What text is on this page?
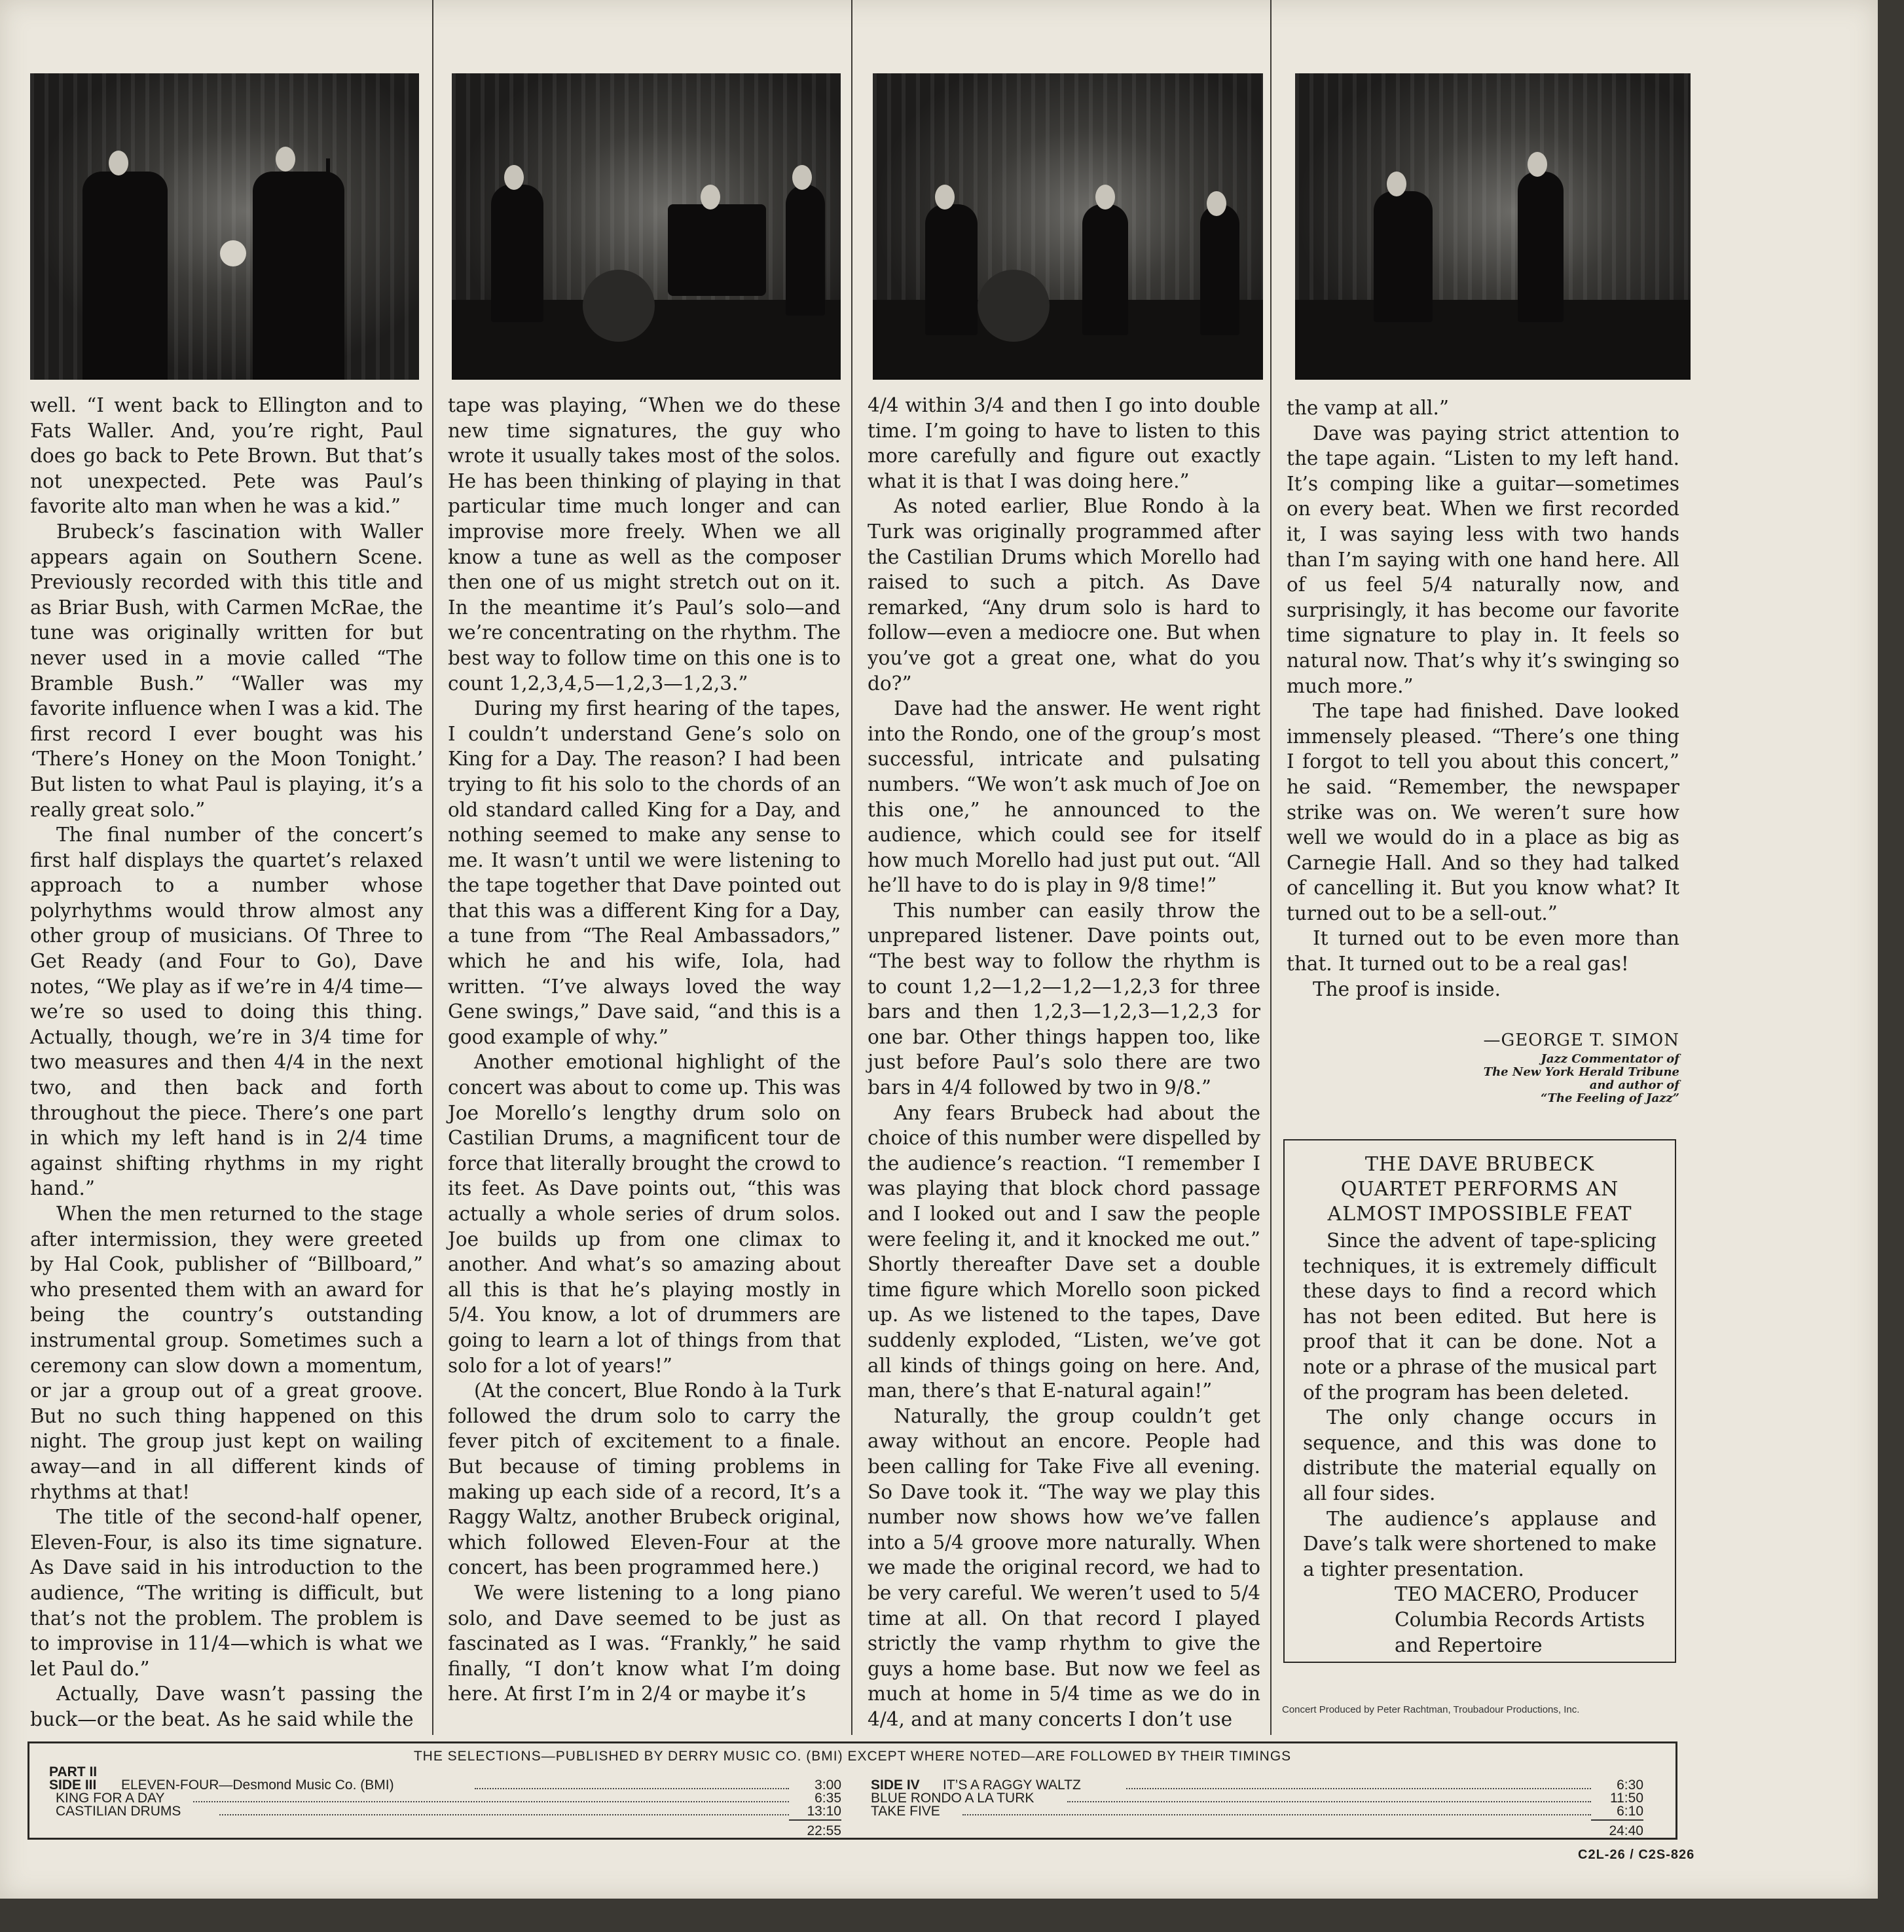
well. “I went back to Ellington and to Fats Waller. And, you’re right, Paul does go back to Pete Brown. But that’s not unexpected. Pete was Paul’s favorite alto man when he was a kid.”

Brubeck’s fascination with Waller appears again on Southern Scene. Previously recorded with this title and as Briar Bush, with Carmen McRae, the tune was originally written for but never used in a movie called “The Bramble Bush.” “Waller was my favorite influence when I was a kid. The first record I ever bought was his ‘There’s Honey on the Moon Tonight.’ But listen to what Paul is playing, it’s a really great solo.”

The final number of the concert’s first half displays the quartet’s relaxed approach to a number whose polyrhythms would throw almost any other group of musicians. Of Three to Get Ready (and Four to Go), Dave notes, “We play as if we’re in 4/4 time—we’re so used to doing this thing. Actually, though, we’re in 3/4 time for two measures and then 4/4 in the next two, and then back and forth throughout the piece. There’s one part in which my left hand is in 2/4 time against shifting rhythms in my right hand.”

When the men returned to the stage after intermission, they were greeted by Hal Cook, publisher of “Billboard,” who presented them with an award for being the country’s outstanding instrumental group. Sometimes such a ceremony can slow down a momentum, or jar a group out of a great groove. But no such thing happened on this night. The group just kept on wailing away—and in all different kinds of rhythms at that!

The title of the second-half opener, Eleven-Four, is also its time signature. As Dave said in his introduction to the audience, “The writing is difficult, but that’s not the problem. The problem is to improvise in 11/4—which is what we let Paul do.”

Actually, Dave wasn’t passing the buck—or the beat. As he said while the

tape was playing, “When we do these new time signatures, the guy who wrote it usually takes most of the solos. He has been thinking of playing in that particular time much longer and can improvise more freely. When we all know a tune as well as the composer then one of us might stretch out on it. In the meantime it’s Paul’s solo—and we’re concentrating on the rhythm. The best way to follow time on this one is to count 1,2,3,4,5—1,2,3—1,2,3.”

During my first hearing of the tapes, I couldn’t understand Gene’s solo on King for a Day. The reason? I had been trying to fit his solo to the chords of an old standard called King for a Day, and nothing seemed to make any sense to me. It wasn’t until we were listening to the tape together that Dave pointed out that this was a different King for a Day, a tune from “The Real Ambassadors,” which he and his wife, Iola, had written. “I’ve always loved the way Gene swings,” Dave said, “and this is a good example of why.”

Another emotional highlight of the concert was about to come up. This was Joe Morello’s lengthy drum solo on Castilian Drums, a magnificent tour de force that literally brought the crowd to its feet. As Dave points out, “this was actually a whole series of drum solos. Joe builds up from one climax to another. And what’s so amazing about all this is that he’s playing mostly in 5/4. You know, a lot of drummers are going to learn a lot of things from that solo for a lot of years!”

(At the concert, Blue Rondo à la Turk followed the drum solo to carry the fever pitch of excitement to a finale. But because of timing problems in making up each side of a record, It’s a Raggy Waltz, another Brubeck original, which followed Eleven-Four at the concert, has been programmed here.)

We were listening to a long piano solo, and Dave seemed to be just as fascinated as I was. “Frankly,” he said finally, “I don’t know what I’m doing here. At first I’m in 2/4 or maybe it’s

4/4 within 3/4 and then I go into double time. I’m going to have to listen to this more carefully and figure out exactly what it is that I was doing here.”

As noted earlier, Blue Rondo à la Turk was originally programmed after the Castilian Drums which Morello had raised to such a pitch. As Dave remarked, “Any drum solo is hard to follow—even a mediocre one. But when you’ve got a great one, what do you do?”

Dave had the answer. He went right into the Rondo, one of the group’s most successful, intricate and pulsating numbers. “We won’t ask much of Joe on this one,” he announced to the audience, which could see for itself how much Morello had just put out. “All he’ll have to do is play in 9/8 time!”

This number can easily throw the unprepared listener. Dave points out, “The best way to follow the rhythm is to count 1,2—1,2—1,2—1,2,3 for three bars and then 1,2,3—1,2,3—1,2,3 for one bar. Other things happen too, like just before Paul’s solo there are two bars in 4/4 followed by two in 9/8.”

Any fears Brubeck had about the choice of this number were dispelled by the audience’s reaction. “I remember I was playing that block chord passage and I looked out and I saw the people were feeling it, and it knocked me out.” Shortly thereafter Dave set a double time figure which Morello soon picked up. As we listened to the tapes, Dave suddenly exploded, “Listen, we’ve got all kinds of things going on here. And, man, there’s that E-natural again!”

Naturally, the group couldn’t get away without an encore. People had been calling for Take Five all evening. So Dave took it. “The way we play this number now shows how we’ve fallen into a 5/4 groove more naturally. When we made the original record, we had to be very careful. We weren’t used to 5/4 time at all. On that record I played strictly the vamp rhythm to give the guys a home base. But now we feel as much at home in 5/4 time as we do in 4/4, and at many concerts I don’t use

the vamp at all.”

Dave was paying strict attention to the tape again. “Listen to my left hand. It’s comping like a guitar—sometimes on every beat. When we first recorded it, I was saying less with two hands than I’m saying with one hand here. All of us feel 5/4 naturally now, and surprisingly, it has become our favorite time signature to play in. It feels so natural now. That’s why it’s swinging so much more.”

The tape had finished. Dave looked immensely pleased. “There’s one thing I forgot to tell you about this concert,” he said. “Remember, the newspaper strike was on. We weren’t sure how well we would do in a place as big as Carnegie Hall. And so they had talked of cancelling it. But you know what? It turned out to be a sell-out.”

It turned out to be even more than that. It turned out to be a real gas!

The proof is inside.

—GEORGE T. SIMON
Jazz Commentator of
The New York Herald Tribune
and author of
“The Feeling of Jazz”
THE DAVE BRUBECK
QUARTET PERFORMS AN
ALMOST IMPOSSIBLE FEAT

Since the advent of tape-splicing techniques, it is extremely difficult these days to find a record which has not been edited. But here is proof that it can be done. Not a note or a phrase of the musical part of the program has been deleted.

The only change occurs in sequence, and this was done to distribute the material equally on all four sides.

The audience’s applause and Dave’s talk were shortened to make a tighter presentation.

TEO MACERO, Producer

Columbia Records Artists

and Repertoire

Concert Produced by Peter Rachtman, Troubadour Productions, Inc.
THE SELECTIONS—PUBLISHED BY DERRY MUSIC CO. (BMI) EXCEPT WHERE NOTED—ARE FOLLOWED BY THEIR TIMINGS
PART II
SIDE III ELEVEN-FOUR—Desmond Music Co. (BMI)	3:00
KING FOR A DAY	6:35
CASTILIAN DRUMS	13:10
22:55
SIDE IV IT’S A RAGGY WALTZ	6:30
BLUE RONDO A LA TURK	11:50
TAKE FIVE	6:10
24:40
C2L-26 / C2S-826
